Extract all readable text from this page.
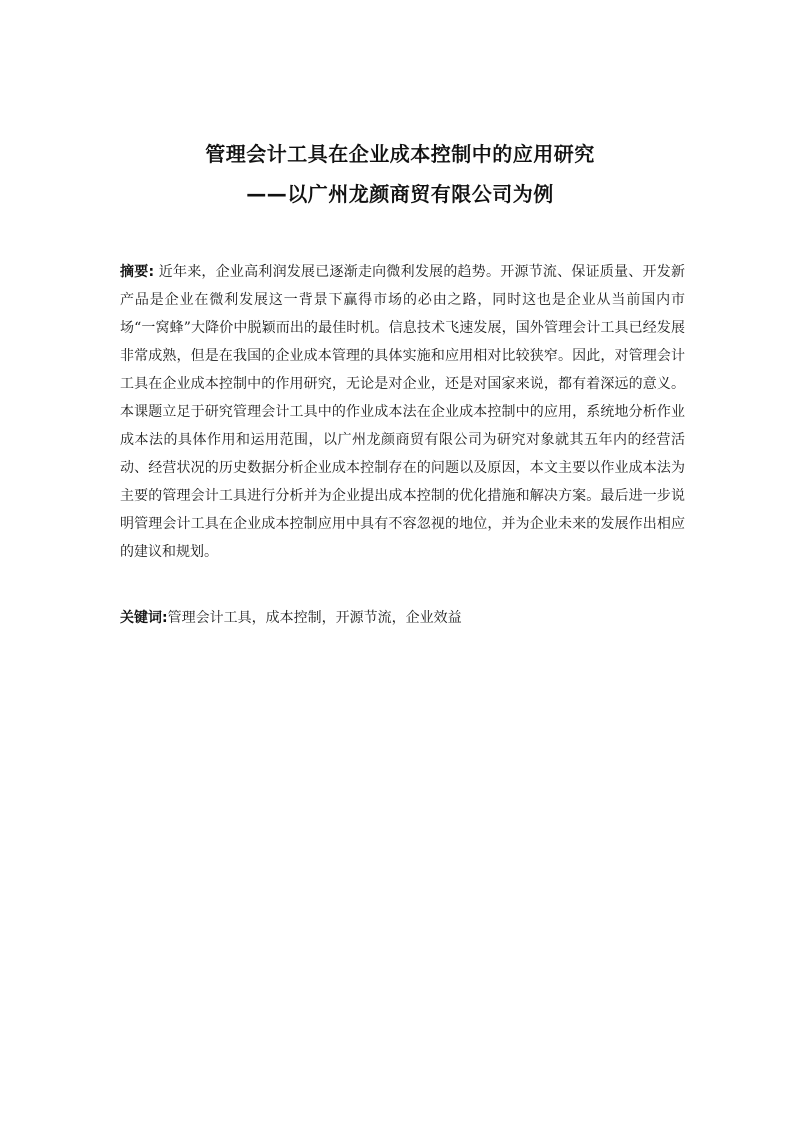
管理会计工具在企业成本控制中的应用研究
——以广州龙颜商贸有限公司为例
摘要: 近年来，企业高利润发展已逐渐走向微利发展的趋势。开源节流、保证质量、开发新产品是企业在微利发展这一背景下赢得市场的必由之路，同时这也是企业从当前国内市场“一窝蜂”大降价中脱颖而出的最佳时机。信息技术飞速发展，国外管理会计工具已经发展非常成熟，但是在我国的企业成本管理的具体实施和应用相对比较狭窄。因此，对管理会计工具在企业成本控制中的作用研究，无论是对企业，还是对国家来说，都有着深远的意义。本课题立足于研究管理会计工具中的作业成本法在企业成本控制中的应用，系统地分析作业成本法的具体作用和运用范围，以广州龙颜商贸有限公司为研究对象就其五年内的经营活动、经营状况的历史数据分析企业成本控制存在的问题以及原因，本文主要以作业成本法为主要的管理会计工具进行分析并为企业提出成本控制的优化措施和解决方案。最后进一步说明管理会计工具在企业成本控制应用中具有不容忽视的地位，并为企业未来的发展作出相应的建议和规划。
关键词:管理会计工具，成本控制，开源节流，企业效益
